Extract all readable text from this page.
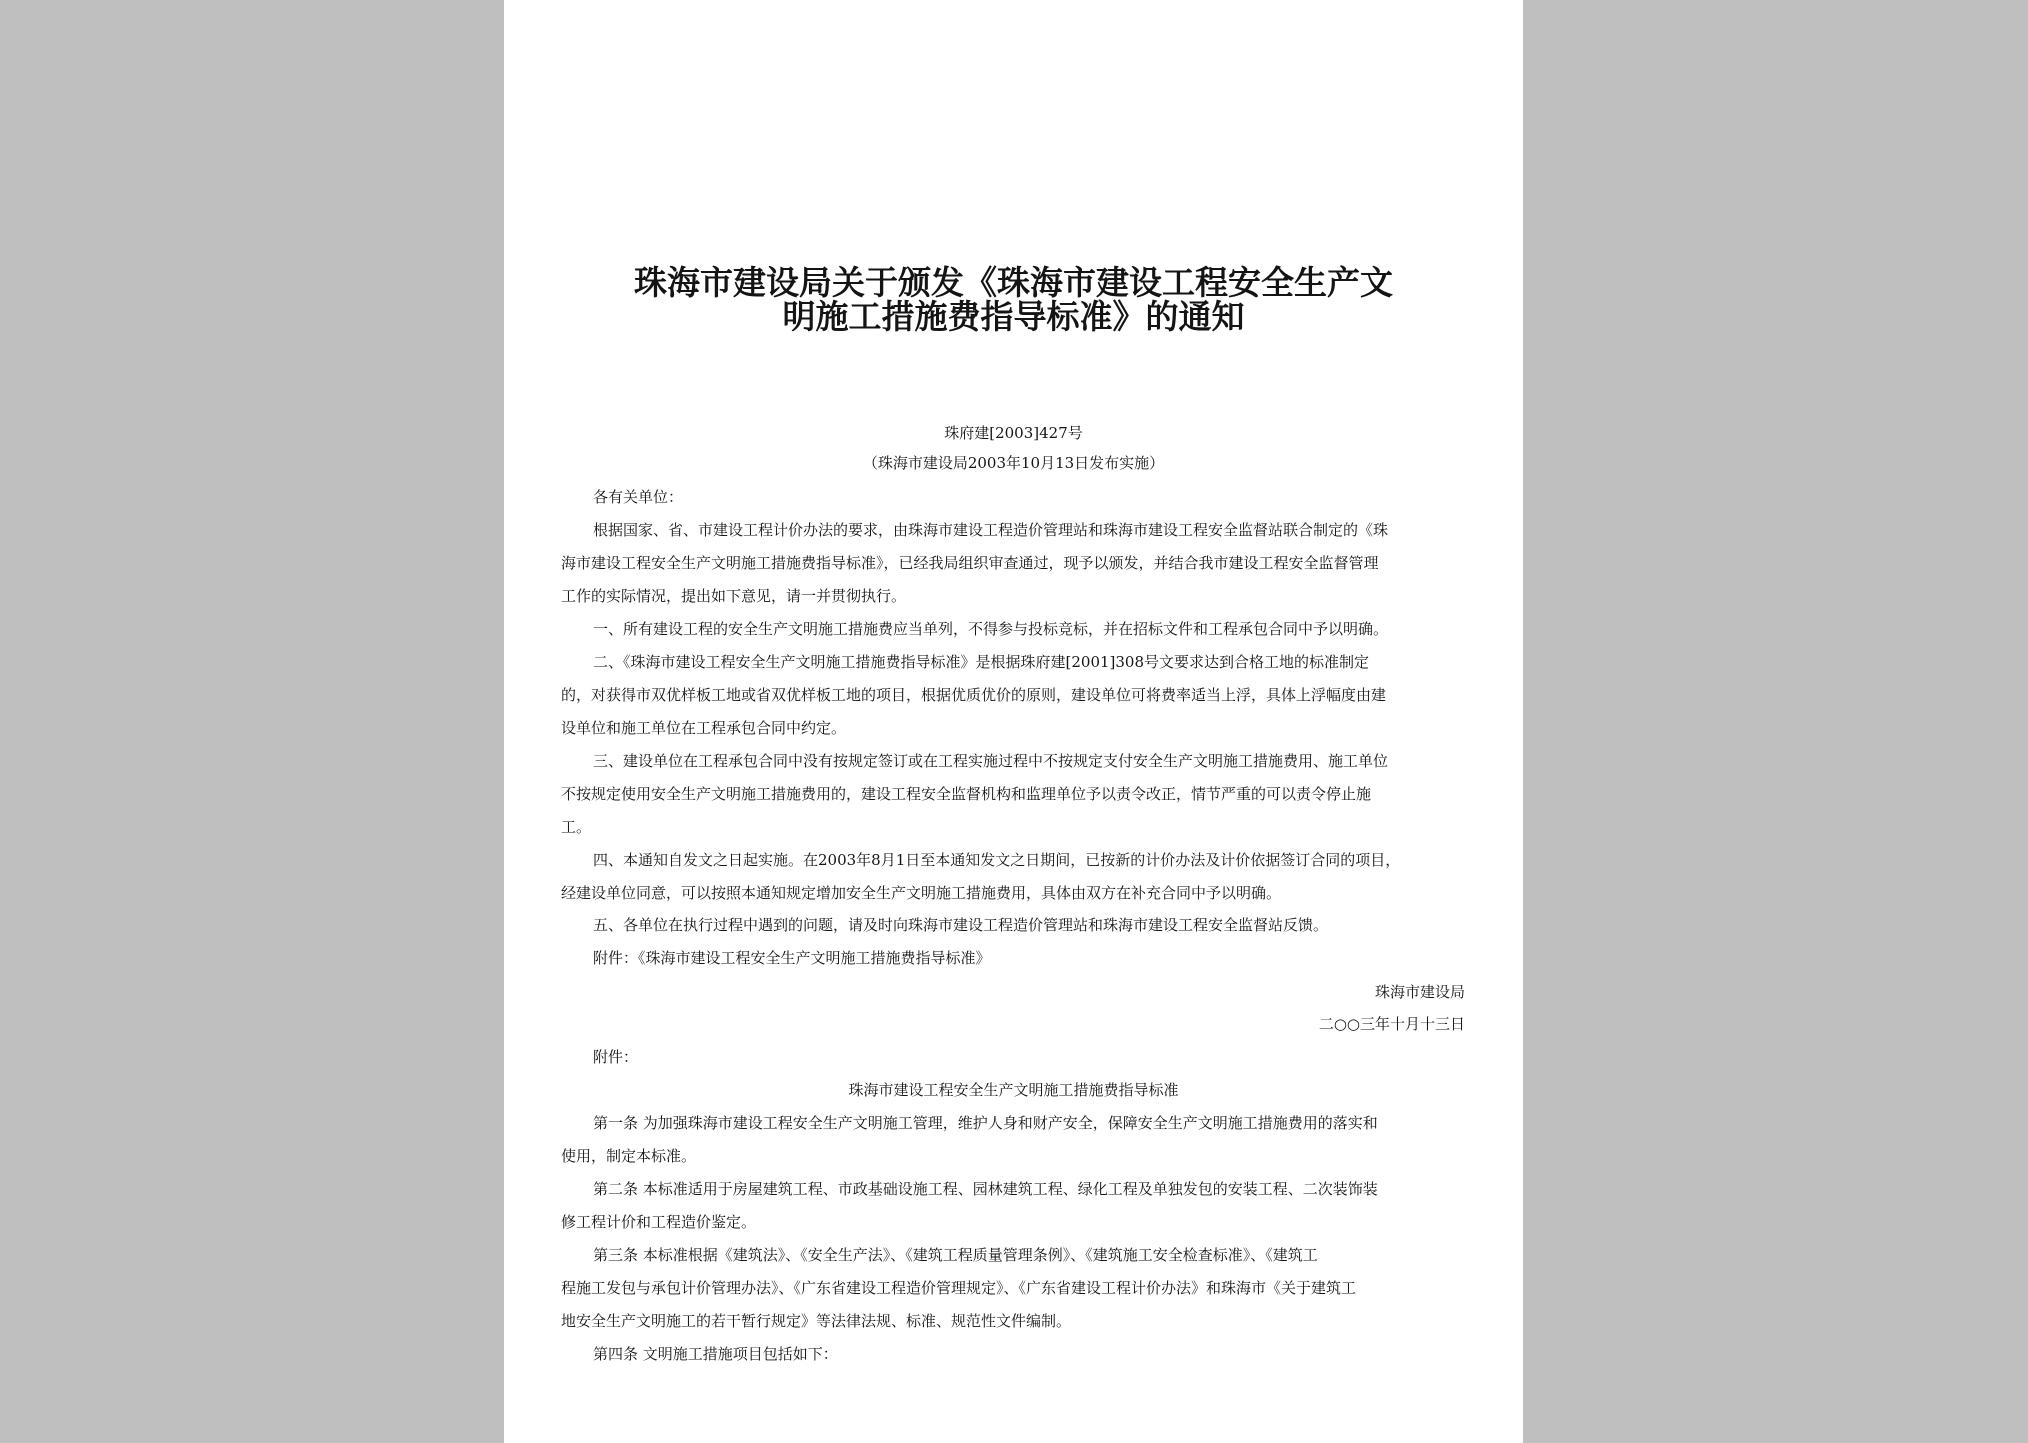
珠海市建设局关于颁发《珠海市建设工程安全生产文
明施工措施费指导标准》的通知
珠府建[2003]427号
（珠海市建设局2003年10月13日发布实施）
各有关单位：
根据国家、省、市建设工程计价办法的要求，由珠海市建设工程造价管理站和珠海市建设工程安全监督站联合制定的《珠
海市建设工程安全生产文明施工措施费指导标准》，已经我局组织审查通过，现予以颁发，并结合我市建设工程安全监督管理
工作的实际情况，提出如下意见，请一并贯彻执行。
一、所有建设工程的安全生产文明施工措施费应当单列，不得参与投标竞标，并在招标文件和工程承包合同中予以明确。
二、《珠海市建设工程安全生产文明施工措施费指导标准》是根据珠府建[2001]308号文要求达到合格工地的标准制定
的，对获得市双优样板工地或省双优样板工地的项目，根据优质优价的原则，建设单位可将费率适当上浮，具体上浮幅度由建
设单位和施工单位在工程承包合同中约定。
三、建设单位在工程承包合同中没有按规定签订或在工程实施过程中不按规定支付安全生产文明施工措施费用、施工单位
不按规定使用安全生产文明施工措施费用的，建设工程安全监督机构和监理单位予以责令改正，情节严重的可以责令停止施
工。
四、本通知自发文之日起实施。在2003年8月1日至本通知发文之日期间，已按新的计价办法及计价依据签订合同的项目，
经建设单位同意，可以按照本通知规定增加安全生产文明施工措施费用，具体由双方在补充合同中予以明确。
五、各单位在执行过程中遇到的问题，请及时向珠海市建设工程造价管理站和珠海市建设工程安全监督站反馈。
附件：《珠海市建设工程安全生产文明施工措施费指导标准》
珠海市建设局
二○○三年十月十三日
附件：
珠海市建设工程安全生产文明施工措施费指导标准
第一条 为加强珠海市建设工程安全生产文明施工管理，维护人身和财产安全，保障安全生产文明施工措施费用的落实和
使用，制定本标准。
第二条 本标准适用于房屋建筑工程、市政基础设施工程、园林建筑工程、绿化工程及单独发包的安装工程、二次装饰装
修工程计价和工程造价鉴定。
第三条 本标准根据《建筑法》、《安全生产法》、《建筑工程质量管理条例》、《建筑施工安全检查标准》、《建筑工
程施工发包与承包计价管理办法》、《广东省建设工程造价管理规定》、《广东省建设工程计价办法》和珠海市《关于建筑工
地安全生产文明施工的若干暂行规定》等法律法规、标准、规范性文件编制。
第四条 文明施工措施项目包括如下：
